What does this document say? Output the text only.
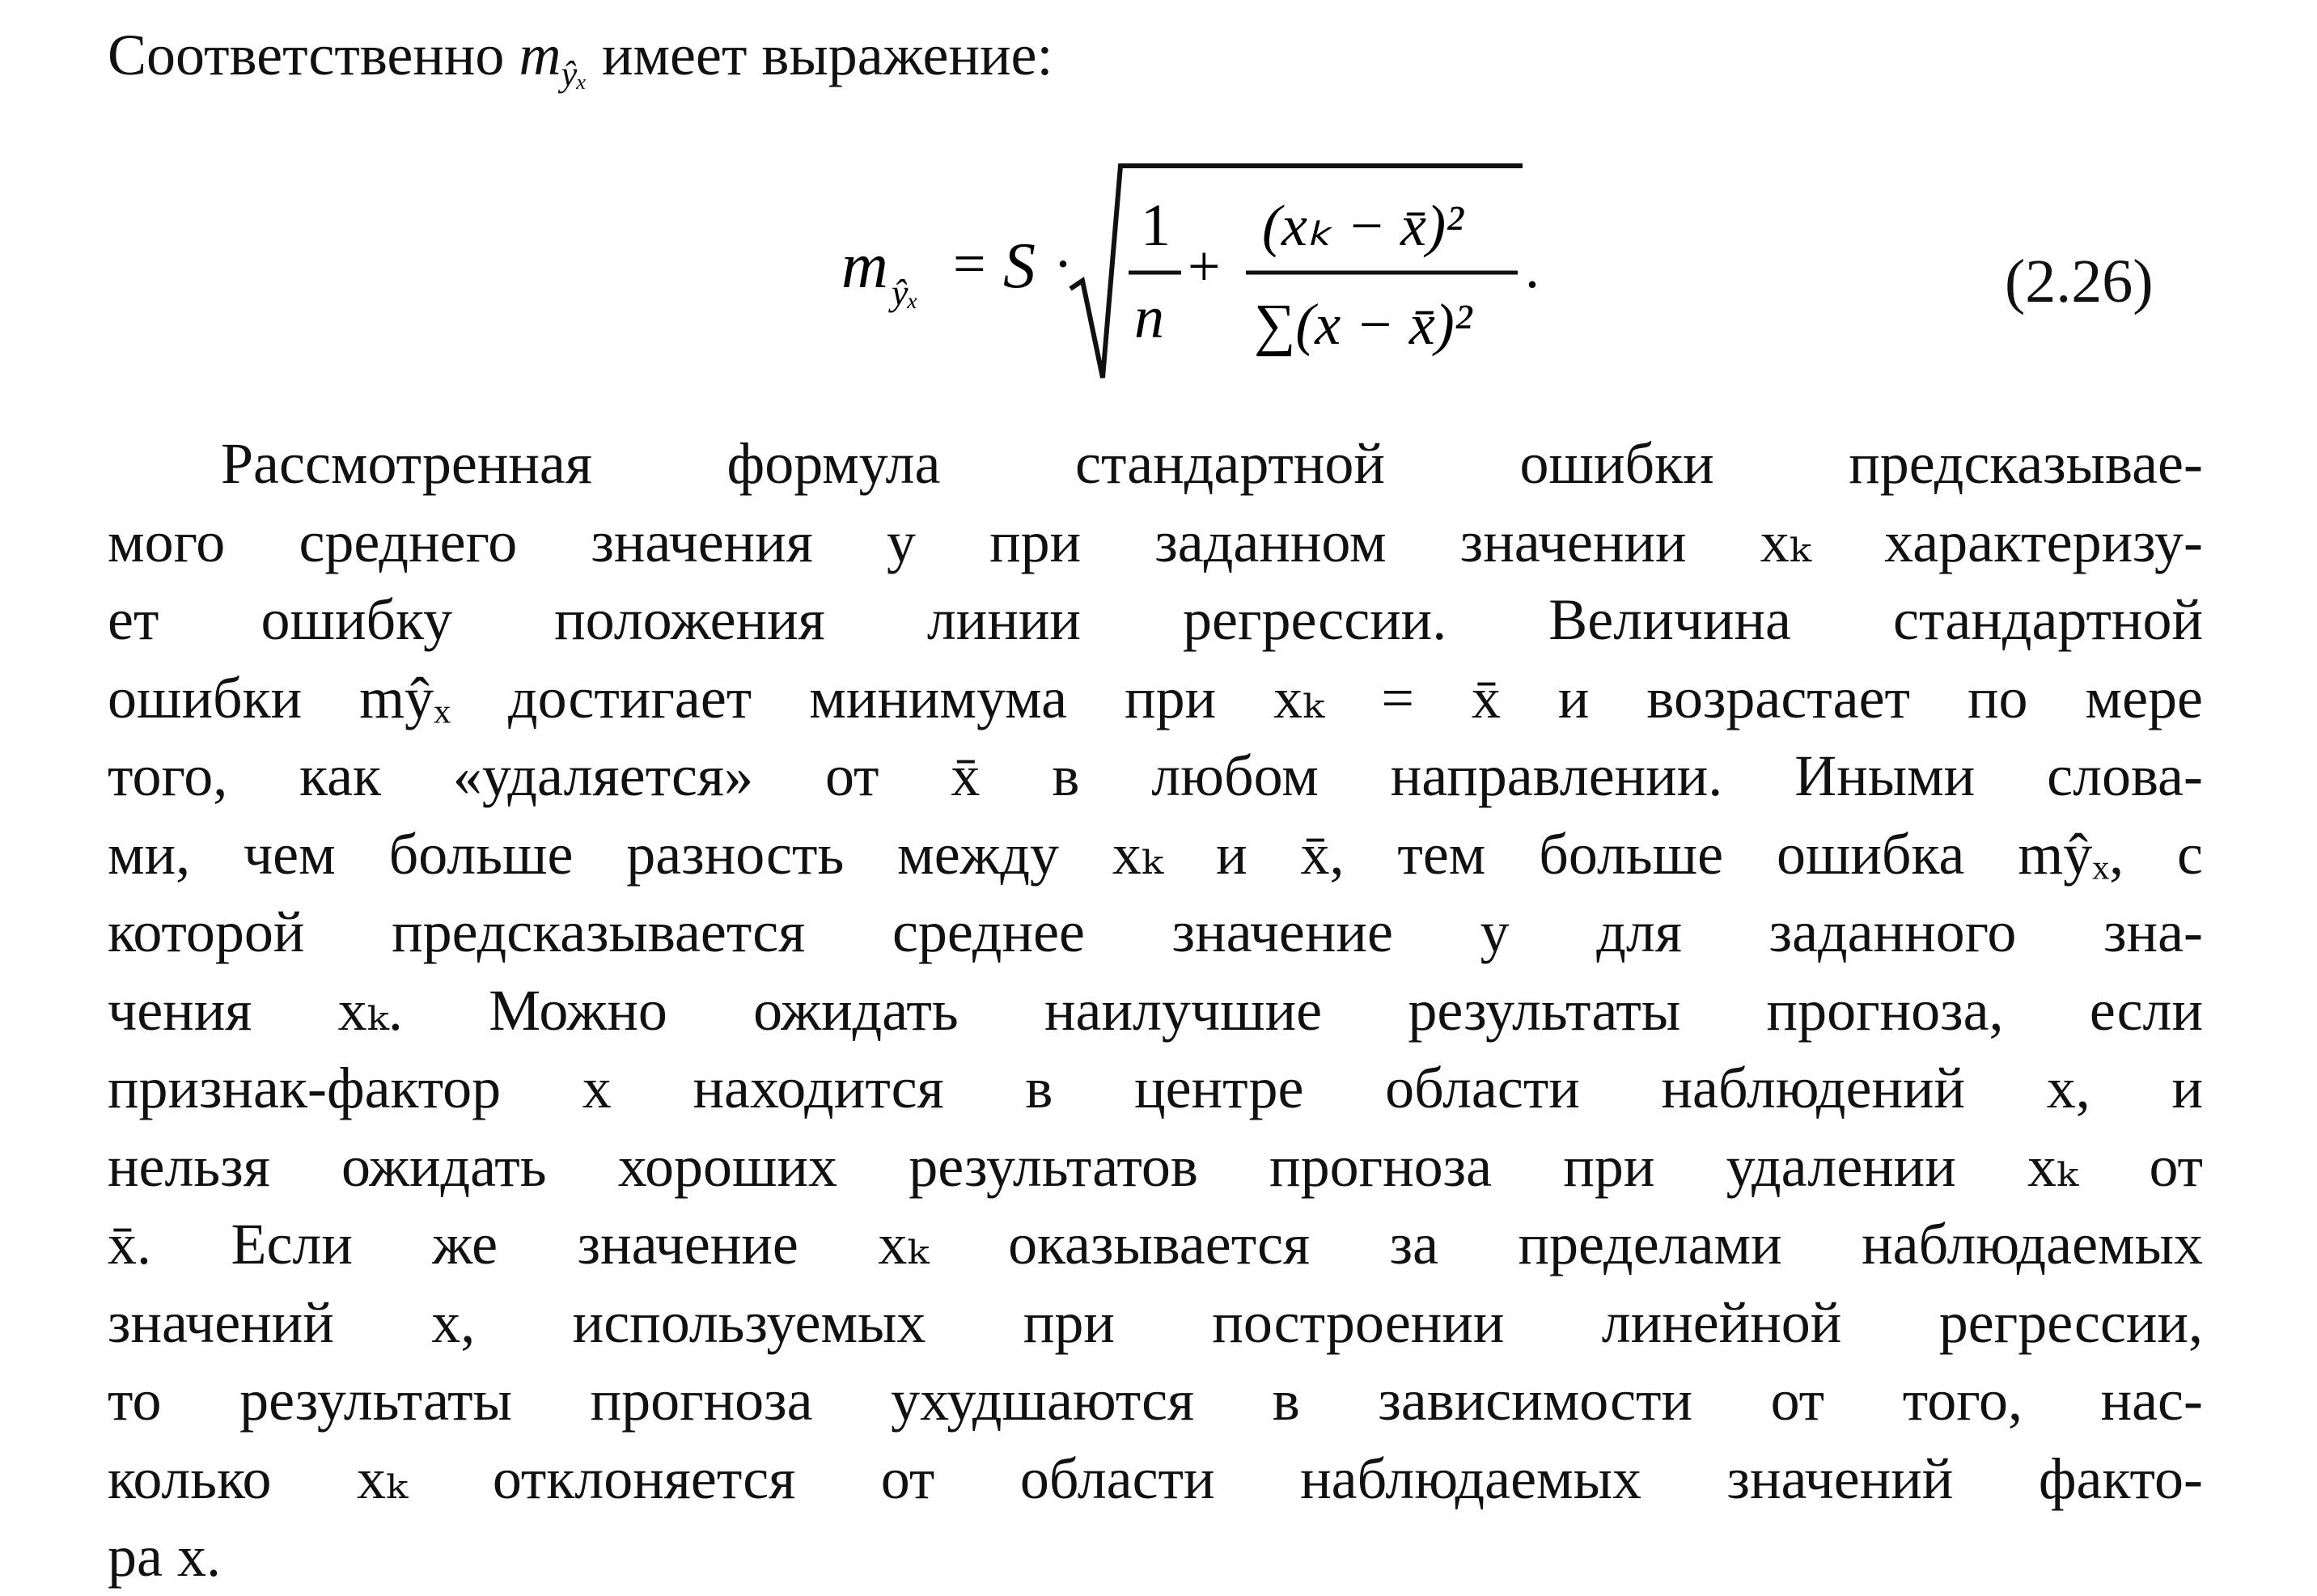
Соответственно mŷₓ имеет выражение:
m ŷₓ = S ·
1
n
+
(xₖ − x̄)²
∑(x − x̄)²
.	(2.26)
Рассмотренная формула стандартной ошибки предсказывае-
мого среднего значения y при заданном значении xₖ характеризу-
ет ошибку положения линии регрессии. Величина стандартной
ошибки mŷₓ достигает минимума при xₖ = x̄ и возрастает по мере
того, как «удаляется» от x̄ в любом направлении. Иными слова-
ми, чем больше разность между xₖ и x̄, тем больше ошибка mŷₓ, с
которой предсказывается среднее значение y для заданного зна-
чения xₖ. Можно ожидать наилучшие результаты прогноза, если
признак-фактор x находится в центре области наблюдений x, и
нельзя ожидать хороших результатов прогноза при удалении xₖ от
x̄. Если же значение xₖ оказывается за пределами наблюдаемых
значений x, используемых при построении линейной регрессии,
то результаты прогноза ухудшаются в зависимости от того, нас-
колько xₖ отклоняется от области наблюдаемых значений факто-
ра x.
